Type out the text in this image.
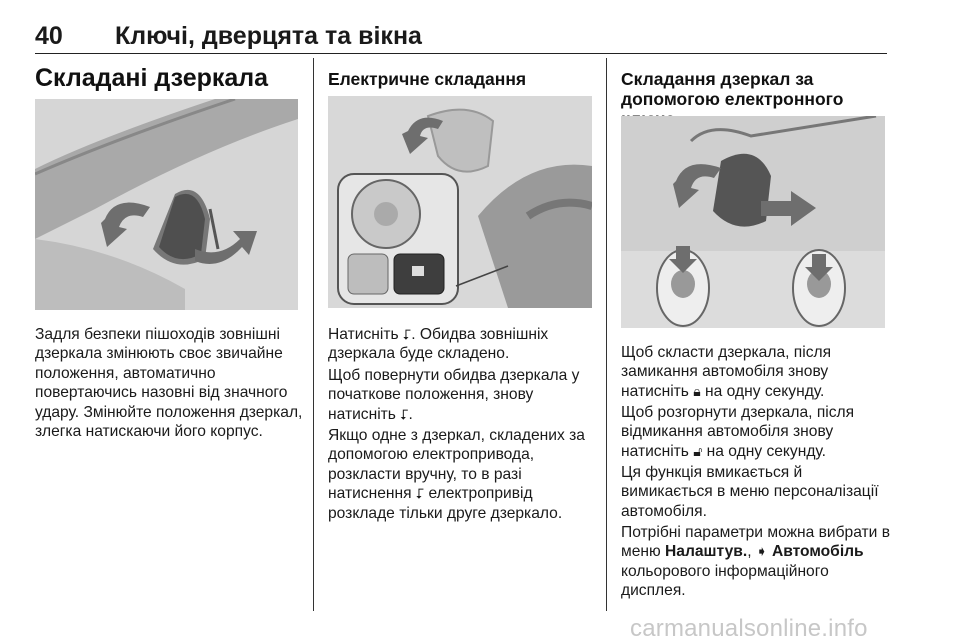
40 Ключі, дверцята та вікна
Складані дзеркала
Задля безпеки пішоходів зовнішні дзеркала змінюють своє звичайне положення, автоматично повертаючись назовні від значного удару. Змінюйте положення дзеркал, злегка натискаючи його корпус.
Електричне складання
Натисніть ⮦. Обидва зовнішніх дзеркала буде складено.
Щоб повернути обидва дзеркала у початкове положення, знову натисніть ⮦.
Якщо одне з дзеркал, складених за допомогою електропривода, розкласти вручну, то в разі натиснення ⮦ електропривід розкладе тільки друге дзеркало.
Складання дзеркал за
допомогою електронного
Щоб скласти дзеркала, після замикання автомобіля знову натисніть 🔒︎ на одну секунду.
Щоб розгорнути дзеркала, після відмикання автомобіля знову натисніть 🔓︎ на одну секунду.
Ця функція вмикається й вимикається в меню персоналізації автомобіля.
Потрібні параметри можна вибрати в меню Налаштув., ➧ Автомобіль кольорового інформаційного дисплея.
carmanualsonline.info
